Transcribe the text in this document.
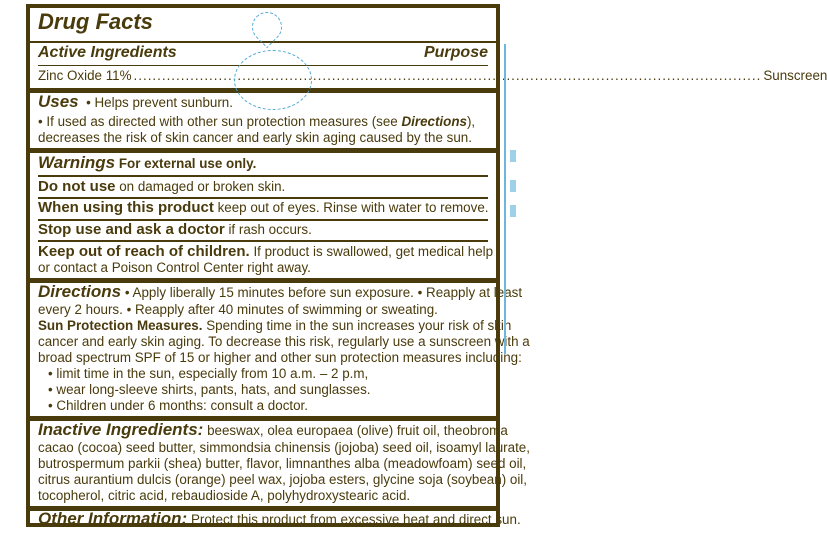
Drug Facts
Active Ingredients	Purpose
Zinc Oxide 11% ..................................................................................................................................... Sunscreen
Uses  • Helps prevent sunburn.
• If used as directed with other sun protection measures (see Directions),
decreases the risk of skin cancer and early skin aging caused by the sun.
Warnings For external use only.
Do not use on damaged or broken skin.
When using this product keep out of eyes. Rinse with water to remove.
Stop use and ask a doctor if rash occurs.
Keep out of reach of children. If product is swallowed, get medical help
or contact a Poison Control Center right away.
Directions • Apply liberally 15 minutes before sun exposure. • Reapply at least
every 2 hours. • Reapply after 40 minutes of swimming or sweating.
Sun Protection Measures. Spending time in the sun increases your risk of skin
cancer and early skin aging. To decrease this risk, regularly use a sunscreen with a
broad spectrum SPF of 15 or higher and other sun protection measures including:
• limit time in the sun, especially from 10 a.m. – 2 p.m,
• wear long-sleeve shirts, pants, hats, and sunglasses.
• Children under 6 months: consult a doctor.
Inactive Ingredients: beeswax, olea europaea (olive) fruit oil, theobroma
cacao (cocoa) seed butter, simmondsia chinensis (jojoba) seed oil, isoamyl laurate,
butrospermum parkii (shea) butter, flavor, limnanthes alba (meadowfoam) seed oil,
citrus aurantium dulcis (orange) peel wax, jojoba esters, glycine soja (soybean) oil,
tocopherol, citric acid, rebaudioside A, polyhydroxystearic acid.
Other Information: Protect this product from excessive heat and direct sun.
